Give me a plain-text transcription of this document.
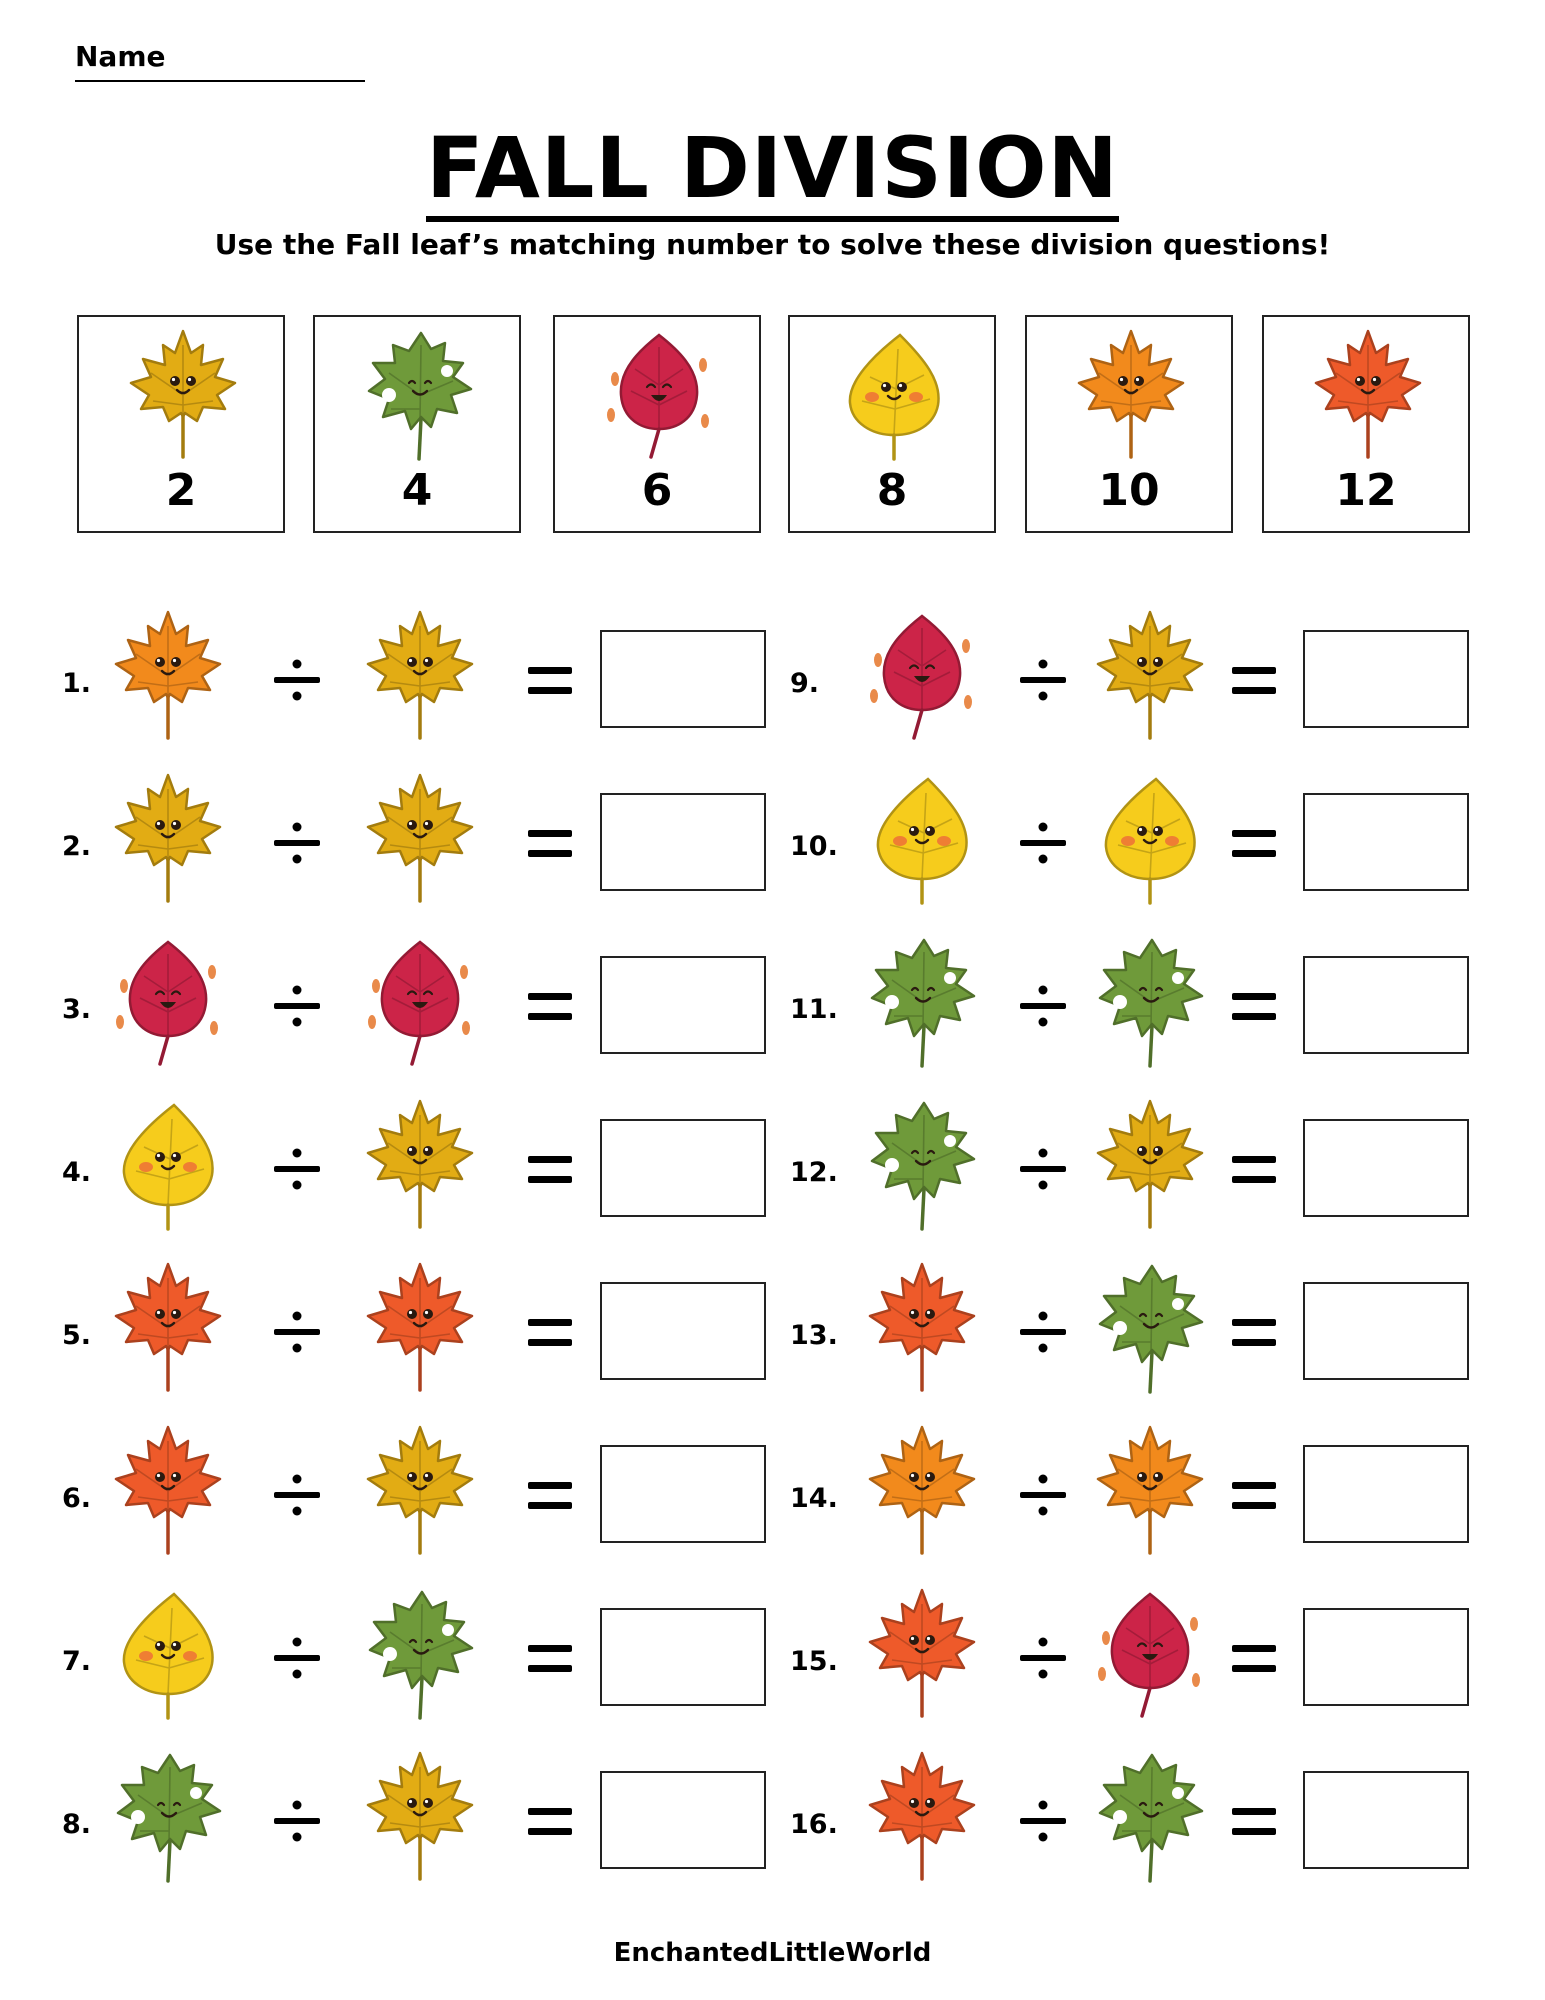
Name
FALL DIVISION
Use the Fall leaf’s matching number to solve these division questions!
2	4	6	8	10	12
1.
2.
3.
4.
5.
6.
7.
8.
9.
10.
11.
12.
13.
14.
15.
16.
EnchantedLittleWorld
